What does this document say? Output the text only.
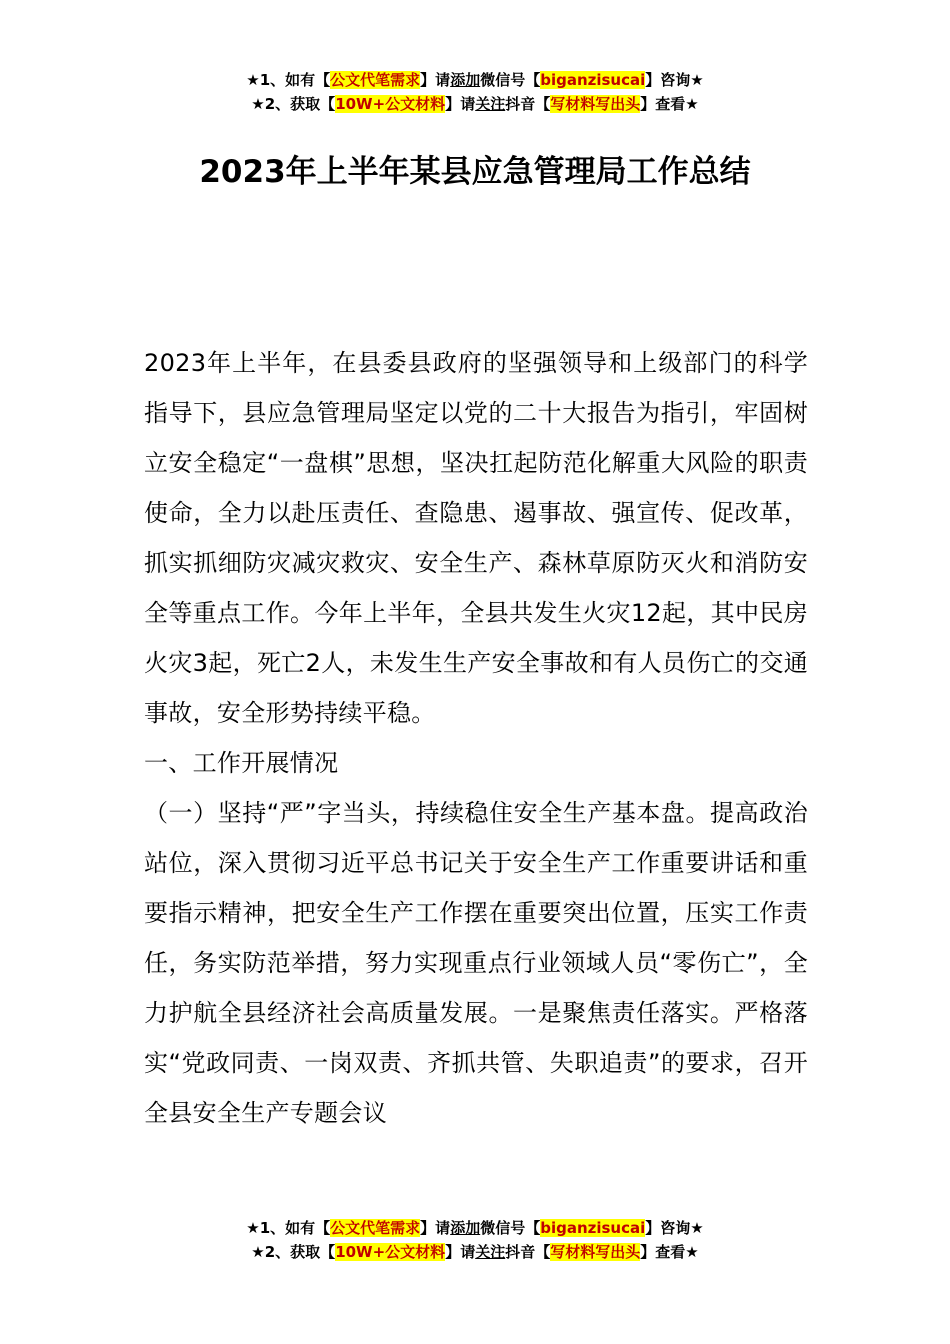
★1、如有【公文代笔需求】请添加微信号【biganzisucai】咨询★
★2、获取【10W+公文材料】请关注抖音【写材料写出头】查看★
2023年上半年某县应急管理局工作总结

2023年上半年，在县委县政府的坚强领导和上级部门的科学指导下，县应急管理局坚定以党的二十大报告为指引，牢固树立安全稳定“一盘棋”思想，坚决扛起防范化解重大风险的职责使命，全力以赴压责任、查隐患、遏事故、强宣传、促改革，抓实抓细防灾减灾救灾、安全生产、森林草原防灭火和消防安全等重点工作。今年上半年，全县共发生火灾12起，其中民房火灾3起，死亡2人，未发生生产安全事故和有人员伤亡的交通事故，安全形势持续平稳。

一、工作开展情况

（一）坚持“严”字当头，持续稳住安全生产基本盘。提高政治站位，深入贯彻习近平总书记关于安全生产工作重要讲话和重要指示精神，把安全生产工作摆在重要突出位置，压实工作责任，务实防范举措，努力实现重点行业领域人员“零伤亡”，全力护航全县经济社会高质量发展。一是聚焦责任落实。严格落实“党政同责、一岗双责、齐抓共管、失职追责”的要求，召开全县安全生产专题会议

★1、如有【公文代笔需求】请添加微信号【biganzisucai】咨询★
★2、获取【10W+公文材料】请关注抖音【写材料写出头】查看★
